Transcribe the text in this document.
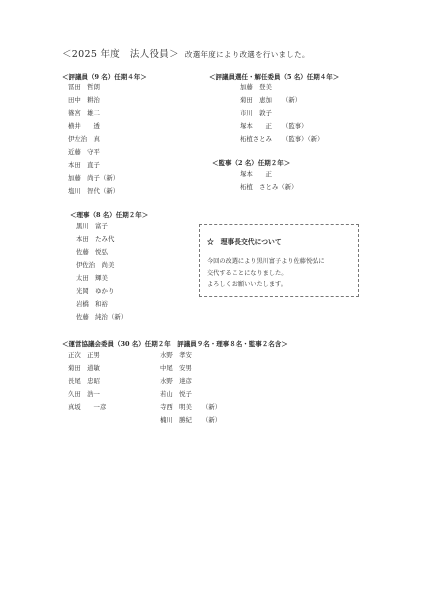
＜2025 年度　法人役員＞ 改選年度により改選を行いました。
＜評議員（9 名）任期４年＞
冨田　哲朗
田中　耕治
篠宮　雄二
横井　　透
伊左治　真
近藤　守平
本田　直子
加藤　尚子（新）
塩川　智代（新）
＜評議員選任・解任委員（5 名）任期４年＞
加藤　登美
菊田　恵加 （新）
市川　敦子
塚本　　正 （監事）
柘植さとみ （監事）（新）
＜監事（2 名）任期２年＞
塚本　　正
柘植　さとみ（新）
＜理事（8 名）任期２年＞
黒川　富子
本田　たみ代
佐藤　悦弘
伊佐治　尚美
太田　輝美
光岡　ゆかり
岩橋　和裕
佐藤　純治（新）
☆　理事長交代について
今回の改選により黒川富子より佐藤悦弘に
交代することになりました。
よろしくお願いいたします。
＜運営協議会委員（30 名）任期２年　評議員９名・理事８名・監事２名含＞
正次　正男
菊田　道敏
長尾　忠昭
久田　浩一
真坂　　一彦
水野　孝安
中尾　安男
水野　達彦
若山　悦子
寺西　明美 （新）
楠川　勝紀 （新）
